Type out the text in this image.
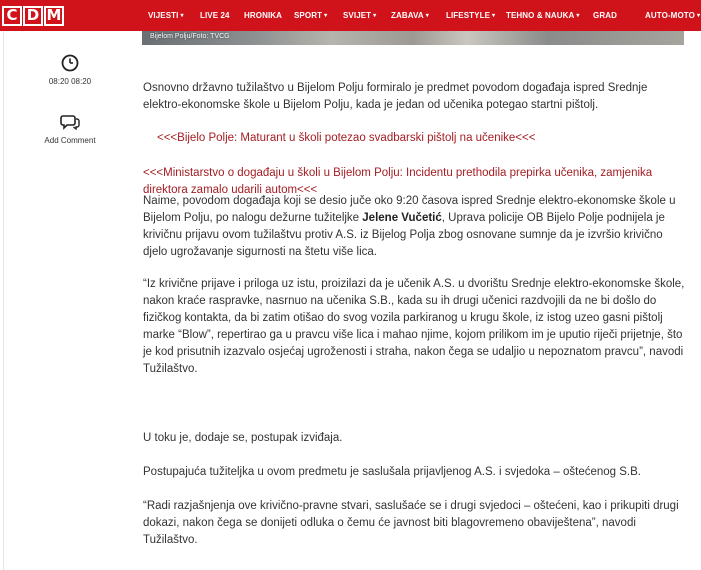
C D M	VIJESTI ▾ LIVE 24 HRONIKA SPORT ▾ SVIJET ▾ ZABAVA ▾ LIFESTYLE ▾ TEHNO & NAUKA ▾ GRAD	AUTO-MOTO ▾
Bijelom Polju/Foto: TVCG
08:20 08:20
Add Comment

Osnovno državno tužilaštvo u Bijelom Polju formiralo je predmet povodom događaja ispred Srednje elektro-ekonomske škole u Bijelom Polju, kada je jedan od učenika potegao startni pištolj.

<<<Bijelo Polje: Maturant u školi potezao svadbarski pištolj na učenike<<<

<<<Ministarstvo o događaju u školi u Bijelom Polju: Incidentu prethodila prepirka učenika, zamjenika direktora zamalo udarili autom<<<

Naime, povodom događaja koji se desio juče oko 9:20 časova ispred Srednje elektro-ekonomske škole u Bijelom Polju, po nalogu dežurne tužiteljke Jelene Vučetić, Uprava policije OB Bijelo Polje podnijela je krivičnu prijavu ovom tužilaštvu protiv A.S. iz Bijelog Polja zbog osnovane sumnje da je izvršio krivično djelo ugrožavanje sigurnosti na štetu više lica.

“Iz krivične prijave i priloga uz istu, proizilazi da je učenik A.S. u dvorištu Srednje elektro-ekonomske škole, nakon kraće raspravke, nasrnuo na učenika S.B., kada su ih drugi učenici razdvojili da ne bi došlo do fizičkog kontakta, da bi zatim otišao do svog vozila parkiranog u krugu škole, iz istog uzeo gasni pištolj marke “Blow”, repertirao ga u pravcu više lica i mahao njime, kojom prilikom im je uputio riječi prijetnje, što je kod prisutnih izazvalo osjećaj ugroženosti i straha, nakon čega se udaljio u nepoznatom pravcu”, navodi Tužilaštvo.

U toku je, dodaje se, postupak izviđaja.

Postupajuća tužiteljka u ovom predmetu je saslušala prijavljenog A.S. i svjedoka – oštećenog S.B.

“Radi razjašnjenja ove krivično-pravne stvari, saslušaće se i drugi svjedoci – oštećeni, kao i prikupiti drugi dokazi, nakon čega se donijeti odluka o čemu će javnost biti blagovremeno obaviještena”, navodi Tužilaštvo.
